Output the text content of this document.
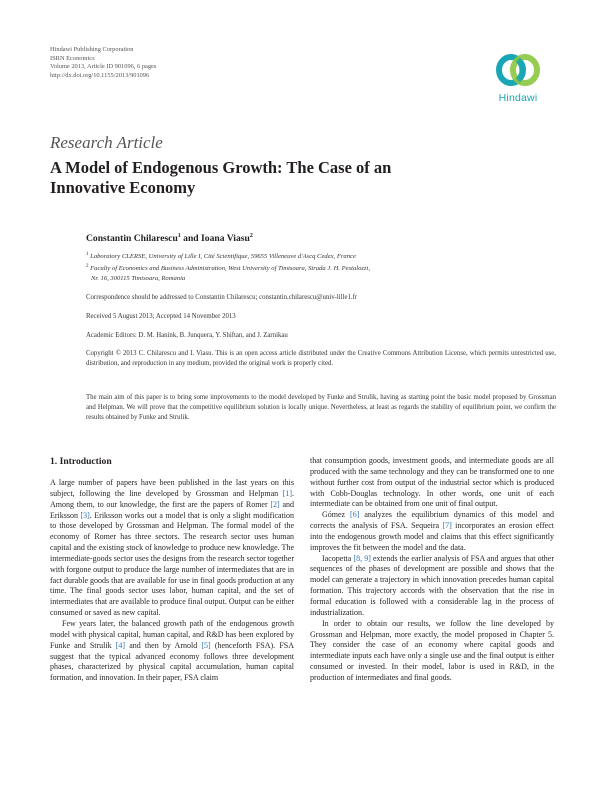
Hindawi Publishing Corporation
ISRN Economics
Volume 2013, Article ID 901096, 6 pages
http://dx.doi.org/10.1155/2013/901096
Hindawi
Research Article
A Model of Endogenous Growth: The Case of an Innovative Economy
Constantin Chilarescu$^1$ and Ioana Viasu$^2$
$^1$ Laboratory CLERSE, University of Lille I, Cité Scientifique, 59655 Villeneuve d'Ascq Cedex, France
$^2$ Faculty of Economics and Business Administration, West University of Timisoara, Strada J. H. Pestalozzi,
Nr. 16, 300115 Timisoara, Romania
Correspondence should be addressed to Constantin Chilarescu; constantin.chilarescu@univ-lille1.fr
Received 5 August 2013; Accepted 14 November 2013
Academic Editors: D. M. Hanink, B. Junquera, Y. Shiftan, and J. Zarnikau
Copyright © 2013 C. Chilarescu and I. Viasu. This is an open access article distributed under the Creative Commons Attribution License, which permits unrestricted use, distribution, and reproduction in any medium, provided the original work is properly cited.
The main aim of this paper is to bring some improvements to the model developed by Funke and Strulik, having as starting point the basic model proposed by Grossman and Helpman. We will prove that the competitive equilibrium solution is locally unique. Nevertheless, at least as regards the stability of equilibrium point, we confirm the results obtained by Funke and Strulik.
1. Introduction

A large number of papers have been published in the last years on this subject, following the line developed by Grossman and Helpman [1]. Among them, to our knowledge, the first are the papers of Romer [2] and Eriksson [3]. Eriksson works out a model that is only a slight modification to those developed by Grossman and Helpman. The formal model of the economy of Romer has three sectors. The research sector uses human capital and the existing stock of knowledge to produce new knowledge. The intermediate-goods sector uses the designs from the research sector together with forgone output to produce the large number of intermediates that are in fact durable goods that are available for use in final goods production at any time. The final goods sector uses labor, human capital, and the set of intermediates that are available to produce final output. Output can be either consumed or saved as new capital.

Few years later, the balanced growth path of the endogenous growth model with physical capital, human capital, and R&D has been explored by Funke and Strulik [4] and then by Arnold [5] (henceforth FSA). FSA suggest that the typical advanced economy follows three development phases, characterized by physical capital accumulation, human capital formation, and innovation. In their paper, FSA claim

that consumption goods, investment goods, and intermediate goods are all produced with the same technology and they can be transformed one to one without further cost from output of the industrial sector which is produced with Cobb-Douglas technology. In other words, one unit of each intermediate can be obtained from one unit of final output.

Gómez [6] analyzes the equilibrium dynamics of this model and corrects the analysis of FSA. Sequeira [7] incorporates an erosion effect into the endogenous growth model and claims that this effect significantly improves the fit between the model and the data.

Iacopetta [8, 9] extends the earlier analysis of FSA and argues that other sequences of the phases of development are possible and shows that the model can generate a trajectory in which innovation precedes human capital formation. This trajectory accords with the observation that the rise in formal education is followed with a considerable lag in the process of industrialization.

In order to obtain our results, we follow the line developed by Grossman and Helpman, more exactly, the model proposed in Chapter 5. They consider the case of an economy where capital goods and intermediate inputs each have only a single use and the final output is either consumed or invested. In their model, labor is used in R&D, in the production of intermediates and final goods.
